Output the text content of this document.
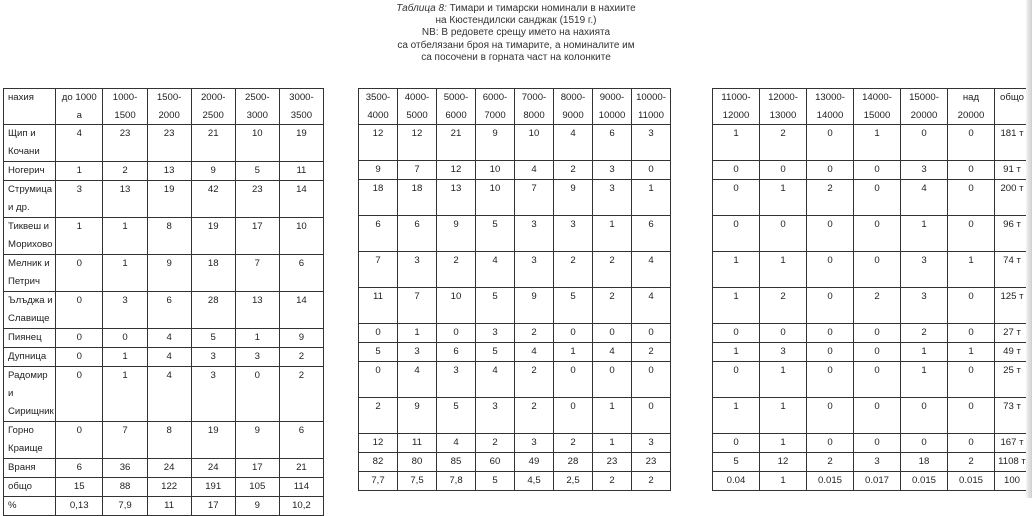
Таблица 8: Тимари и тимарски номинали в нахиите
на Кюстендилски санджак (1519 г.)
NB: В редовете срещу името на нахията
са отбелязани броя на тимарите, а номиналите им
са посочени в горната част на колонките
нахия	до 1000 а	1000-1500	1500-2000	2000-2500	2500-3000	3000-3500
Щип и Кочани	4	23	23	21	10	19
Ногерич	1	2	13	9	5	11
Струмица и др.	3	13	19	42	23	14
Тиквеш и Морихово	1	1	8	19	17	10
Мелник и Петрич	0	1	9	18	7	6
Ълъджа и Славище	0	3	6	28	13	14
Пиянец	0	0	4	5	1	9
Дупница	0	1	4	3	3	2
Радомир и Сирищник	0	1	4	3	0	2
Горно Краище	0	7	8	19	9	6
Враня	6	36	24	24	17	21
общо	15	88	122	191	105	114
%	0,13	7,9	11	17	9	10,2
3500-4000	4000-5000	5000-6000	6000-7000	7000-8000	8000-9000	9000-10000	10000-11000
12	12	21	9	10	4	6	3
9	7	12	10	4	2	3	0
18	18	13	10	7	9	3	1
6	6	9	5	3	3	1	6
7	3	2	4	3	2	2	4
11	7	10	5	9	5	2	4
0	1	0	3	2	0	0	0
5	3	6	5	4	1	4	2
0	4	3	4	2	0	0	0
2	9	5	3	2	0	1	0
12	11	4	2	3	2	1	3
82	80	85	60	49	28	23	23
7,7	7,5	7,8	5	4,5	2,5	2	2
11000-12000	12000-13000	13000-14000	14000-15000	15000-20000	над 20000	общо
1	2	0	1	0	0	181 т
0	0	0	0	3	0	91 т
0	1	2	0	4	0	200 т
0	0	0	0	1	0	96 т
1	1	0	0	3	1	74 т
1	2	0	2	3	0	125 т
0	0	0	0	2	0	27 т
1	3	0	0	1	1	49 т
0	1	0	0	1	0	25 т
1	1	0	0	0	0	73 т
0	1	0	0	0	0	167 т
5	12	2	3	18	2	1108 т
0.04	1	0.015	0.017	0.015	0.015	100
